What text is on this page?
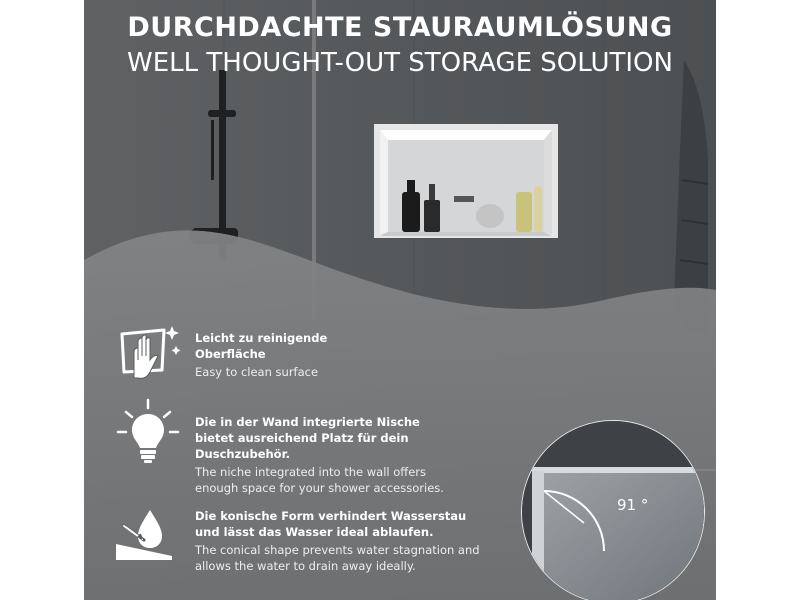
DURCHDACHTE STAURAUMLÖSUNG
WELL THOUGHT-OUT STORAGE SOLUTION
Leicht zu reinigende Oberfläche
Easy to clean surface
Die in der Wand integrierte Nische bietet ausreichend Platz für dein Duschzubehör.
The niche integrated into the wall offers enough space for your shower accessories.
Die konische Form verhindert Wasserstau und lässt das Wasser ideal ablaufen.
The conical shape prevents water stagnation and allows the water to drain away ideally.
91 °
